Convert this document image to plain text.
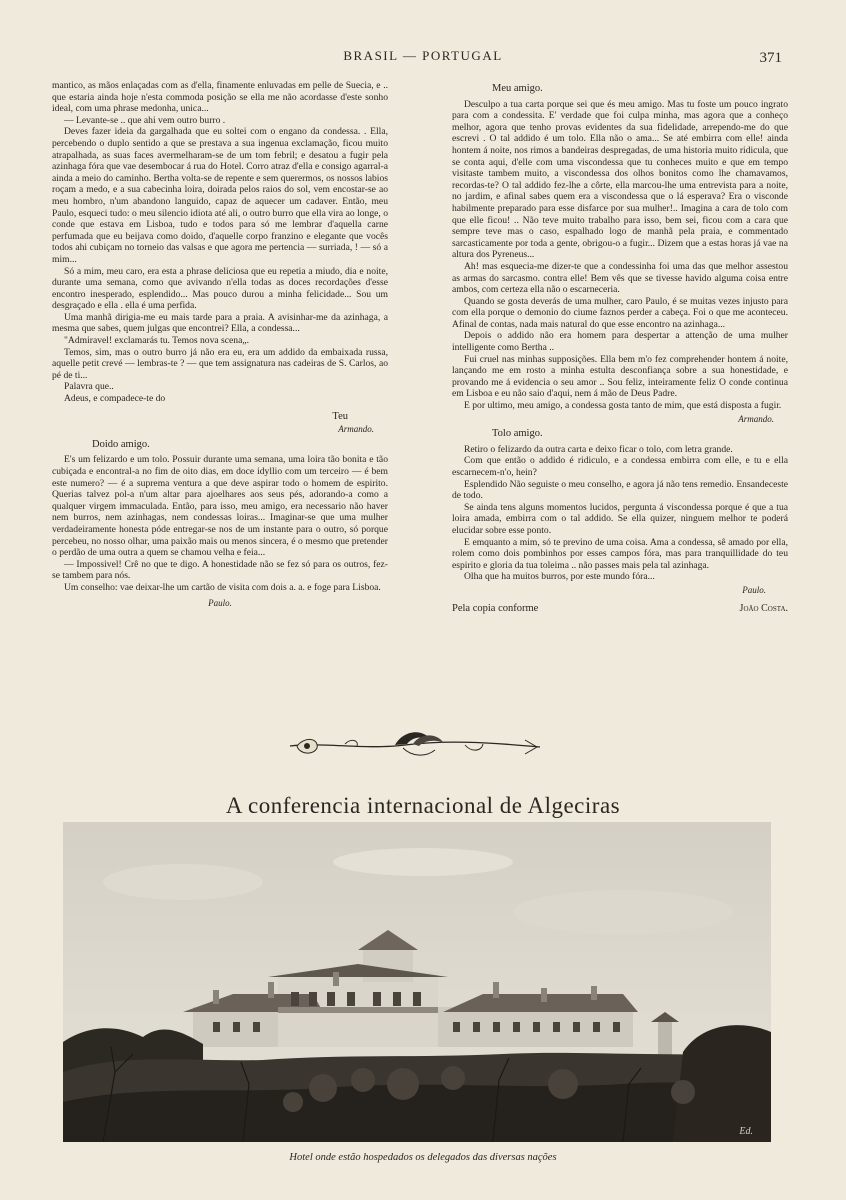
BRASIL — PORTUGAL	371

mantico, as mãos enlaçadas com as d'ella, finamente enluvadas em pelle de Suecia, e .. que estaria ainda hoje n'esta commoda posição se ella me não acordasse d'este sonho ideal, com uma phrase medonha, unica...

— Levante-se .. que ahi vem outro burro .

Deves fazer ideia da gargalhada que eu soltei com o engano da condessa. . Ella, percebendo o duplo sentido a que se prestava a sua ingenua exclamação, ficou muito atrapalhada, as suas faces avermelharam-se de um tom febril; e desatou a fugir pela azinhaga fóra que vae desembocar á rua do Hotel. Corro atraz d'ella e consigo agarral-a ainda a meio do caminho. Bertha volta-se de repente e sem querermos, os nossos labios roçam a medo, e a sua cabecinha loira, doirada pelos raios do sol, vem encostar-se ao meu hombro, n'um abandono languido, capaz de aquecer um cadaver. Então, meu Paulo, esqueci tudo: o meu silencio idiota até ali, o outro burro que ella vira ao longe, o conde que estava em Lisboa, tudo e todos para só me lembrar d'aquella carne perfumada que eu beijava como doido, d'aquelle corpo franzino e elegante que vocês todos ahi cubiçam no torneio das valsas e que agora me pertencia — surriada, ! — só a mim...

Só a mim, meu caro, era esta a phrase deliciosa que eu repetia a miudo, dia e noite, durante uma semana, como que avivando n'ella todas as doces recordações d'esse encontro inesperado, esplendido... Mas pouco durou a minha felicidade... Sou um desgraçado e ella . ella é uma perfida.

Uma manhã dirigia-me eu mais tarde para a praia. A avisinhar-me da azinhaga, a mesma que sabes, quem julgas que encontrei? Ella, a condessa...

"Admiravel! exclamarás tu. Temos nova scena„.

Temos, sim, mas o outro burro já não era eu, era um addido da embaixada russa, aquelle petit crevé — lembras-te ? — que tem assignatura nas cadeiras de S. Carlos, ao pé de ti...

Palavra que..

Adeus, e compadece-te do

Teu

Armando.

Doido amigo.

E's um felizardo e um tolo. Possuir durante uma semana, uma loira tão bonita e tão cubiçada e encontral-a no fim de oito dias, em doce idyllio com um terceiro — é bem este numero? — é a suprema ventura a que deve aspirar todo o homem de espirito. Querias talvez pol-a n'um altar para ajoelhares aos seus pés, adorando-a como a qualquer virgem immaculada. Então, para isso, meu amigo, era necessario não haver nem burros, nem azinhagas, nem condessas loiras... Imaginar-se que uma mulher verdadeiramente honesta póde entregar-se nos de um instante para o outro, só porque percebeu, no nosso olhar, uma paixão mais ou menos sincera, é o mesmo que pretender o perdão de uma outra a quem se chamou velha e feia...

— Impossivel! Crê no que te digo. A honestidade não se fez só para os outros, fez-se tambem para nós.

Um conselho: vae deixar-lhe um cartão de visita com dois a. a. e foge para Lisboa.

Paulo.

Meu amigo.

Desculpo a tua carta porque sei que és meu amigo. Mas tu foste um pouco ingrato para com a condessita. E' verdade que foi culpa minha, mas agora que a conheço melhor, agora que tenho provas evidentes da sua fidelidade, arrependo-me do que escrevi . O tal addido é um tolo. Ella não o ama... Se até embirra com elle! ainda hontem á noite, nos rimos a bandeiras despregadas, de uma historia muito ridicula, que se conta aqui, d'elle com uma viscondessa que tu conheces muito e que em tempo visitaste tambem muito, a viscondessa dos olhos bonitos como lhe chamavamos, recordas-te? O tal addido fez-lhe a côrte, ella marcou-lhe uma entrevista para a noite, no jardim, e afinal sabes quem era a viscondessa que o lá esperava? Era o visconde habilmente preparado para esse disfarce por sua mulher!.. Imagina a cara de tolo com que elle ficou! .. Não teve muito trabalho para isso, bem sei, ficou com a cara que sempre teve mas o caso, espalhado logo de manhã pela praia, e commentado sarcasticamente por toda a gente, obrigou-o a fugir... Dizem que a estas horas já vae na altura dos Pyreneus...

Ah! mas esquecia-me dizer-te que a condessinha foi uma das que melhor assestou as armas do sarcasmo. contra elle! Bem vês que se tivesse havido alguma coisa entre ambos, com certeza ella não o escarneceria.

Quando se gosta deverás de uma mulher, caro Paulo, é se muitas vezes injusto para com ella porque o demonio do ciume faznos perder a cabeça. Foi o que me aconteceu. Afinal de contas, nada mais natural do que esse encontro na azinhaga...

Depois o addido não era homem para despertar a attenção de uma mulher intelligente como Bertha ..

Fui cruel nas minhas supposições. Ella bem m'o fez comprehender hontem á noite, lançando me em rosto a minha estulta desconfiança sobre a sua honestidade, e provando me á evidencia o seu amor .. Sou feliz, inteiramente feliz O conde continua em Lisboa e eu não saio d'aqui, nem á mão de Deus Padre.

E por ultimo, meu amigo, a condessa gosta tanto de mim, que está disposta a fugir.

Armando.

Tolo amigo.

Retiro o felizardo da outra carta e deixo ficar o tolo, com letra grande.

Com que então o addido é ridiculo, e a condessa embirra com elle, e tu e ella escarnecem-n'o, hein?

Esplendido Não seguiste o meu conselho, e agora já não tens remedio. Ensandeceste de todo.

Se ainda tens alguns momentos lucidos, pergunta á viscondessa porque é que a tua loira amada, embirra com o tal addido. Se ella quizer, ninguem melhor te poderá elucidar sobre esse ponto.

E emquanto a mim, só te previno de uma coisa. Ama a condessa, sê amado por ella, rolem como dois pombinhos por esses campos fóra, mas para tranquillidade do teu espirito e gloria da tua toleima .. não passes mais pela tal azinhaga.

Olha que ha muitos burros, por este mundo fóra...

Paulo.

Pela copia conforme	João Costa.
A conferencia internacional de Algeciras
Ed.
Hotel onde estão hospedados os delegados das diversas nações
